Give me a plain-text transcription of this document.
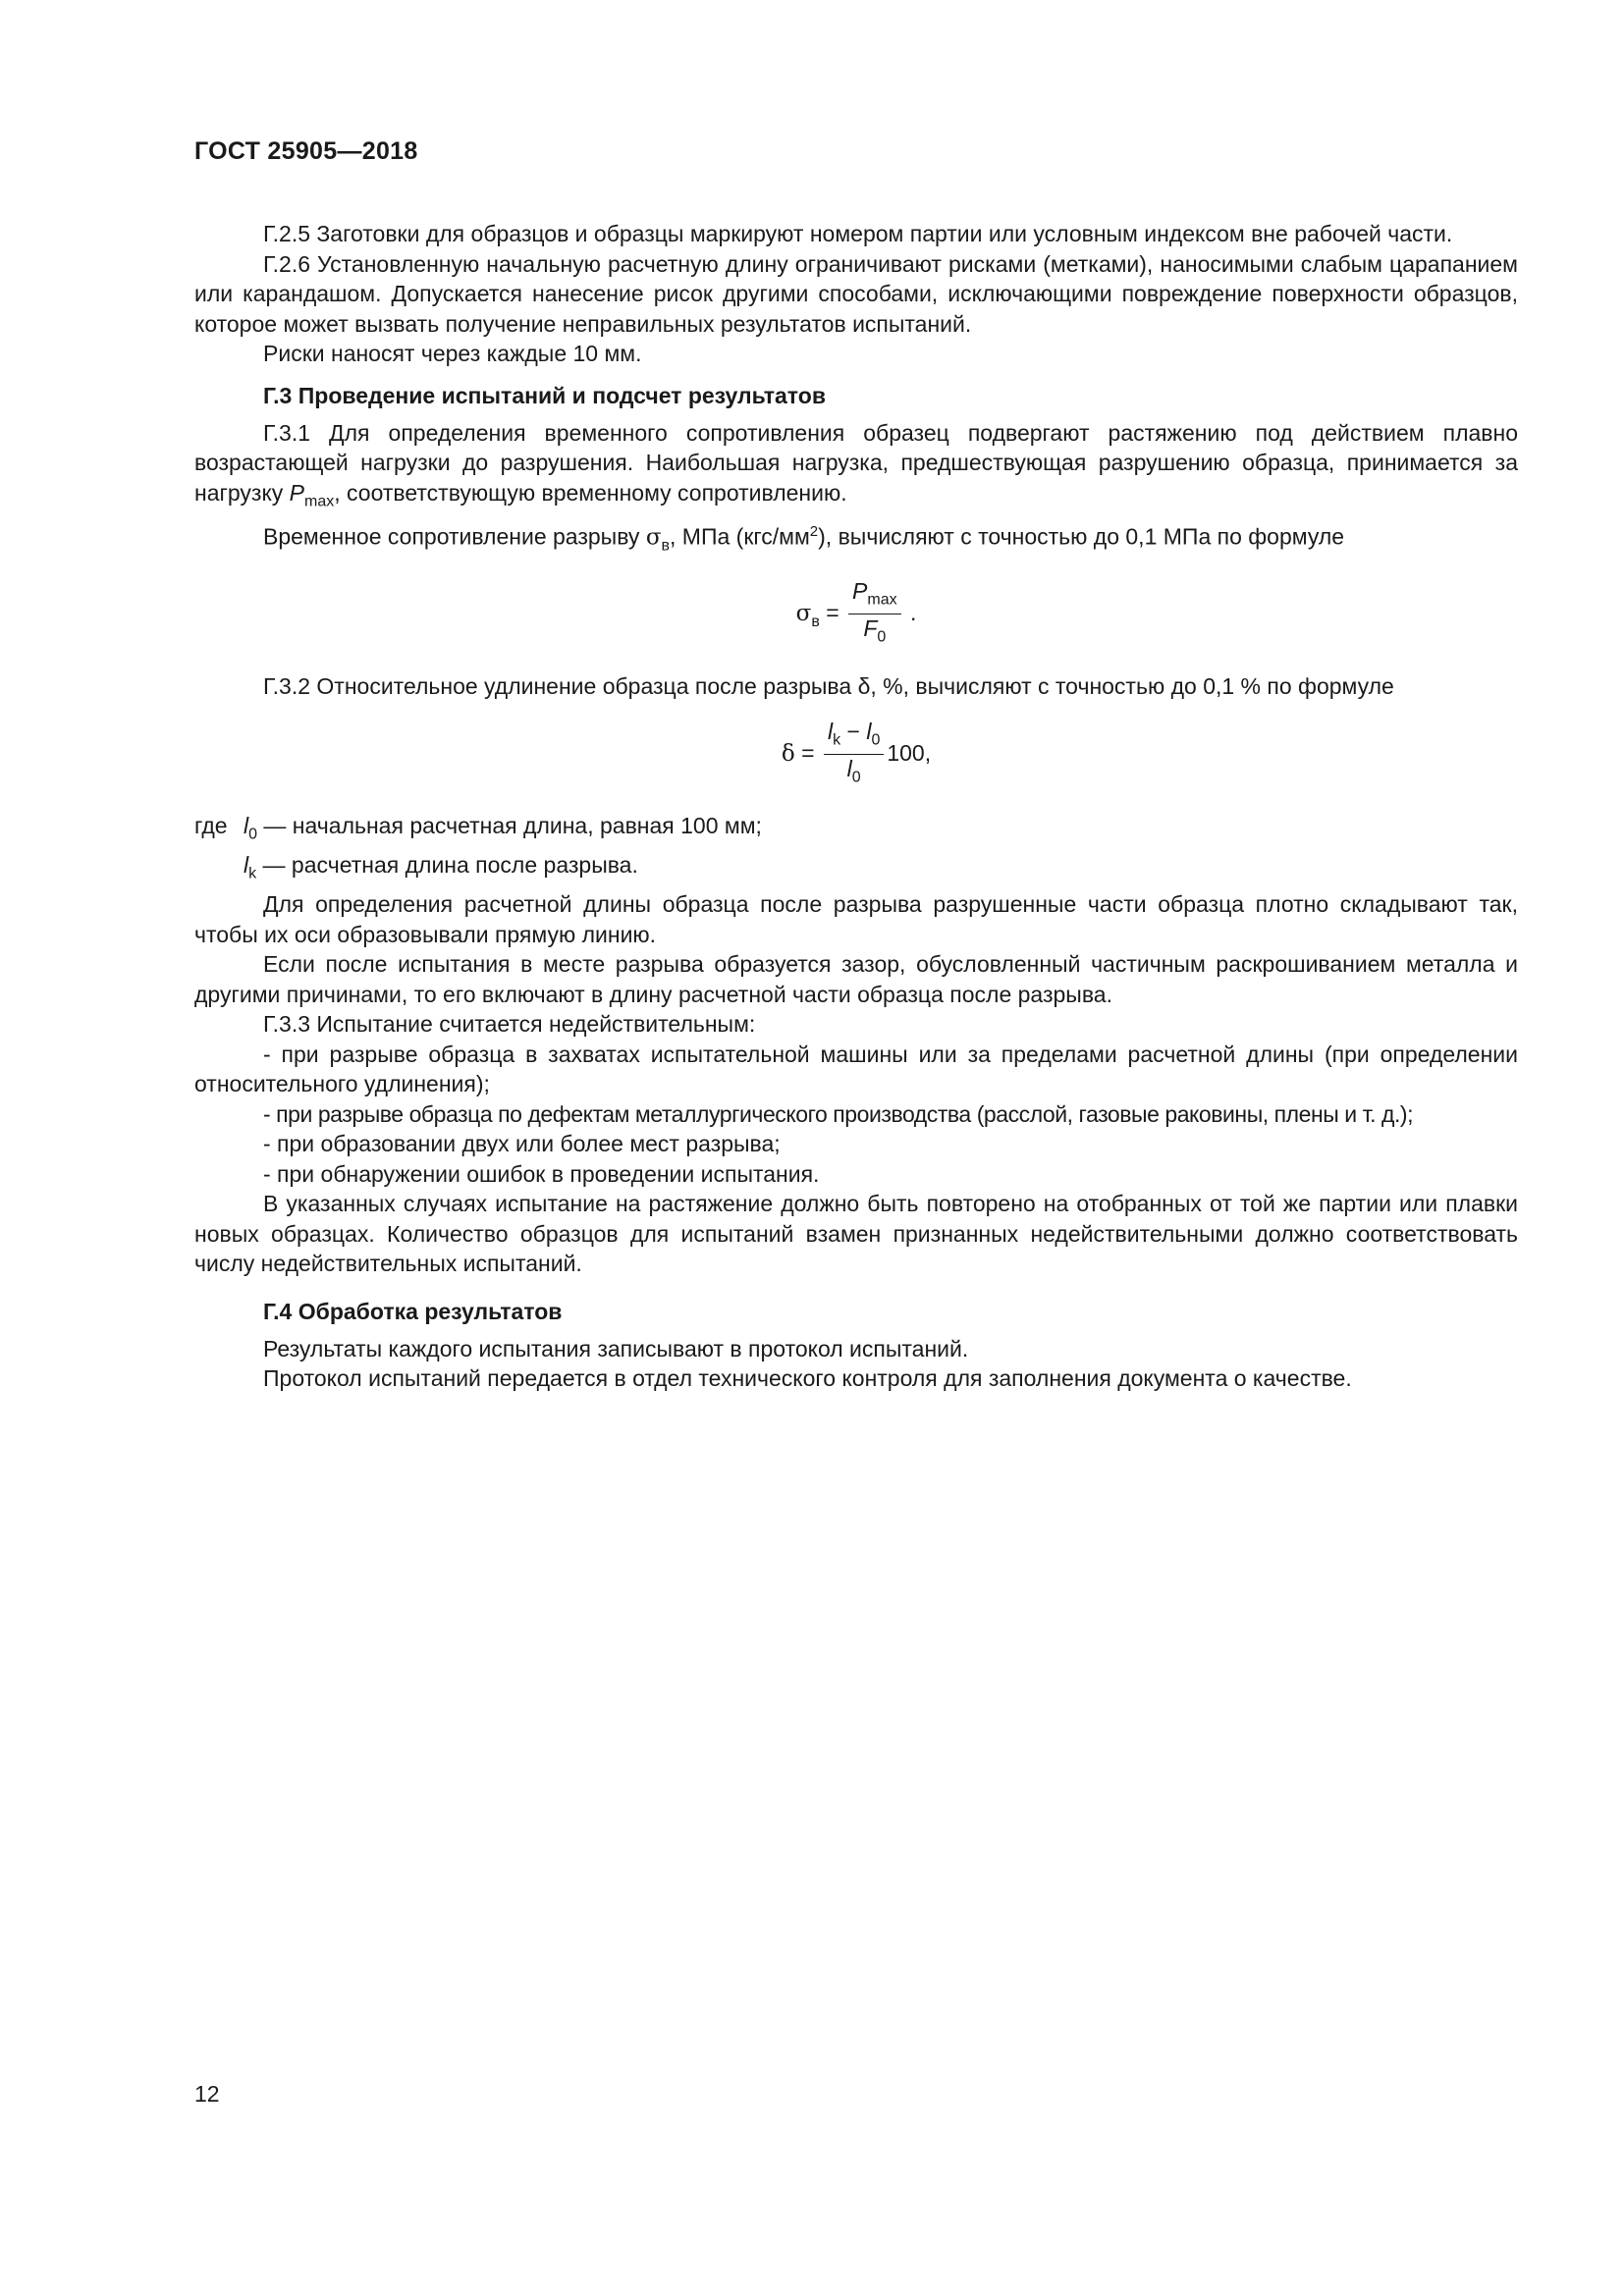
ГОСТ 25905—2018

Г.2.5 Заготовки для образцов и образцы маркируют номером партии или условным индексом вне рабочей части.

Г.2.6 Установленную начальную расчетную длину ограничивают рисками (метками), наносимыми слабым царапанием или карандашом. Допускается нанесение рисок другими способами, исключающими повреждение поверхности образцов, которое может вызвать получение неправильных результатов испытаний.

Риски наносят через каждые 10 мм.

Г.3 Проведение испытаний и подсчет результатов

Г.3.1 Для определения временного сопротивления образец подвергают растяжению под действием плавно возрастающей нагрузки до разрушения. Наибольшая нагрузка, предшествующая разрушению образца, принимается за нагрузку $P_{max}$, соответствующую временному сопротивлению.

Временное сопротивление разрыву $\sigma_в$, МПа $(кгс/мм^2)$, вычисляют с точностью до 0,1 МПа по формуле

$\sigma_в = \frac{P_{max}}{F_0}$ .

Г.3.2 Относительное удлинение образца после разрыва δ, %, вычисляют с точностью до 0,1 % по формуле

$\delta = \frac{l_k - l_0}{l_0} 100$,
где $l_0$ — начальная расчетная длина, равная 100 мм;
$l_k$ — расчетная длина после разрыва.

Для определения расчетной длины образца после разрыва разрушенные части образца плотно складывают так, чтобы их оси образовывали прямую линию.

Если после испытания в месте разрыва образуется зазор, обусловленный частичным раскрошиванием металла и другими причинами, то его включают в длину расчетной части образца после разрыва.

Г.3.3 Испытание считается недействительным:

- при разрыве образца в захватах испытательной машины или за пределами расчетной длины (при определении относительного удлинения);

- при разрыве образца по дефектам металлургического производства (расслой, газовые раковины, плены и т. д.);

- при образовании двух или более мест разрыва;

- при обнаружении ошибок в проведении испытания.

В указанных случаях испытание на растяжение должно быть повторено на отобранных от той же партии или плавки новых образцах. Количество образцов для испытаний взамен признанных недействительными должно соответствовать числу недействительных испытаний.

Г.4 Обработка результатов

Результаты каждого испытания записывают в протокол испытаний.

Протокол испытаний передается в отдел технического контроля для заполнения документа о качестве.

12
